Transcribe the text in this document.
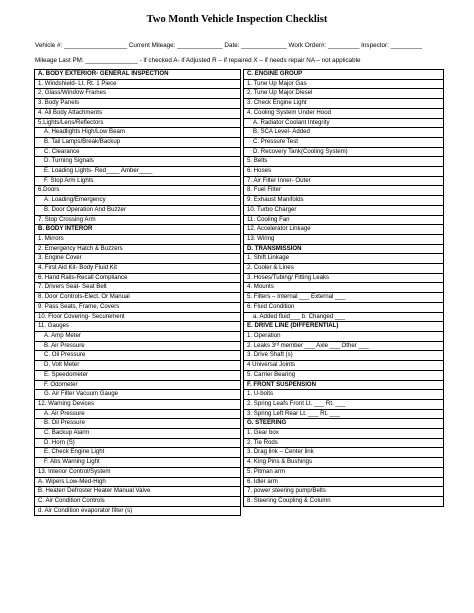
Two Month Vehicle Inspection Checklist
Vehicle #: __________________ Current Mileage: _____________ Date: _____________ Work Order#: _________ Inspector: _________
Mileage Last PM: _______________ - if checked A- if Adjusted R – if repaired X – if needs repair NA – not applicable
A. BODY EXTERIOR- GENERAL INSPECTION
1. Windshield- Lt. Rt. 1 Piece
2. Glass/Window Frames
3. Body Panels
4. All Body Attachments
5.Lights/Lens/Reflectors
A. Headlights High/Low Beam
B. Tail Lamps/Break/Backup
C. Clearance
D. Turning Signals
E. Loading Lights- Red____ Amber____
F. Stop Arm Lights
6.Doors
A. Loading/Emergency
B. Door Operation And Buzzer
7. Stop Crossing Arm
B. BODY INTEROR
1. Mirrors
2. Emergency Hatch & Buzzers
3. Engine Cover
4. First Aid Kit- Body Fluid Kit
6. Hand Rails-Recall Compliance
7. Drivers Seat- Seat Belt
8. Door Controls-Elect. Or Manual
9. Pass Seats, Frame, Covers
10. Floor Covering- Securement
11. Gauges
A. Amp Meter
B. Air Pressure
C. Oil Pressure
D. Volt Meter
E. Speedometer
F. Odometer
G. Air Filter Vacuum Gauge
12. Warning Devices
A. Air Pressure
B. Oil Pressure
C. Backup Alarm
D. Horn (S)
E. Check Engine Light
F. Abs Warning Light
13. Interior Control/System
A. Wipers Low-Med-High
B. Heater/ Defroster Heater Manual Valve
C. Air Condition Controls
d. Air Condition evaporator filter (s)
C. ENGINE GROUP
1. Tune Up Major Gas
2. Tune Up Major Diesel
3. Check Engine Light
4. Cooling System Under Hood
A. Radiator Coolant Integrity
B. SCA Level- Added
C. Pressure Test
D. Recovery Tank(Cooling System)
5. Belts
6. Hoses
7. Air Filter Inner- Outer
8. Fuel Filter
9. Exhaust Manifolds
10. Turbo Charger
11. Cooling Fan
12. Accelerator Linkage
13. Wiring
D. TRANSMISSION
1. Shift Linkage
2. Cooler & Lines
3. Hoses/Tubing/ Fitting Leaks
4. Mounts
5. Filters – Internal ___ External ___
6. Fluid Condition
a. Added fluid___ b. Changed ___
E. DRIVE LINE (DIFFERENTIAL)
1. Operation
2. Leaks 3ʳᵈ member ___ Axle ___ Other ___
3. Drive Shaft (s)
4 Universal Joints
5. Carrier Bearing
F. FRONT SUSPENSION
1. U-bolts
2. Spring Leafs Front Lt. ___ Rt. ___
3. Spring Left Rear Lt. ___ Rt. ___
G. STEERING
1. Gear box
2. Tie Rods
3. Drag link – Center link
4. King Pins & Bushings
5. Pitman arm
6. Idler arm
7. power steering pump/Belts
8. Steering Coupling & Column
